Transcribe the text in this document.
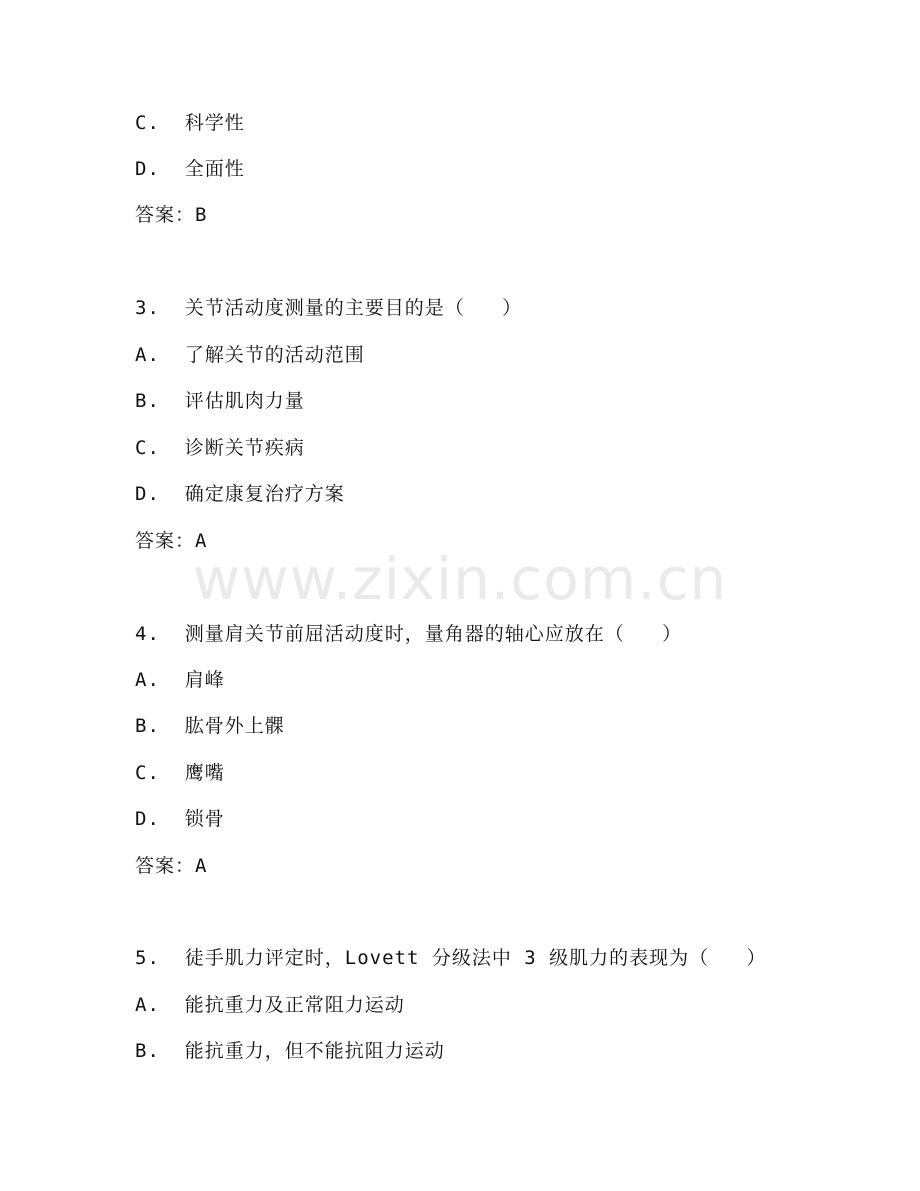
www.zixin.com.cn
C.  科学性
D.  全面性
答案：B
3.  关节活动度测量的主要目的是（   ）
A.  了解关节的活动范围
B.  评估肌肉力量
C.  诊断关节疾病
D.  确定康复治疗方案
答案：A
4.  测量肩关节前屈活动度时，量角器的轴心应放在（   ）
A.  肩峰
B.  肱骨外上髁
C.  鹰嘴
D.  锁骨
答案：A
5.  徒手肌力评定时，Lovett 分级法中 3 级肌力的表现为（   ）
A.  能抗重力及正常阻力运动
B.  能抗重力，但不能抗阻力运动
